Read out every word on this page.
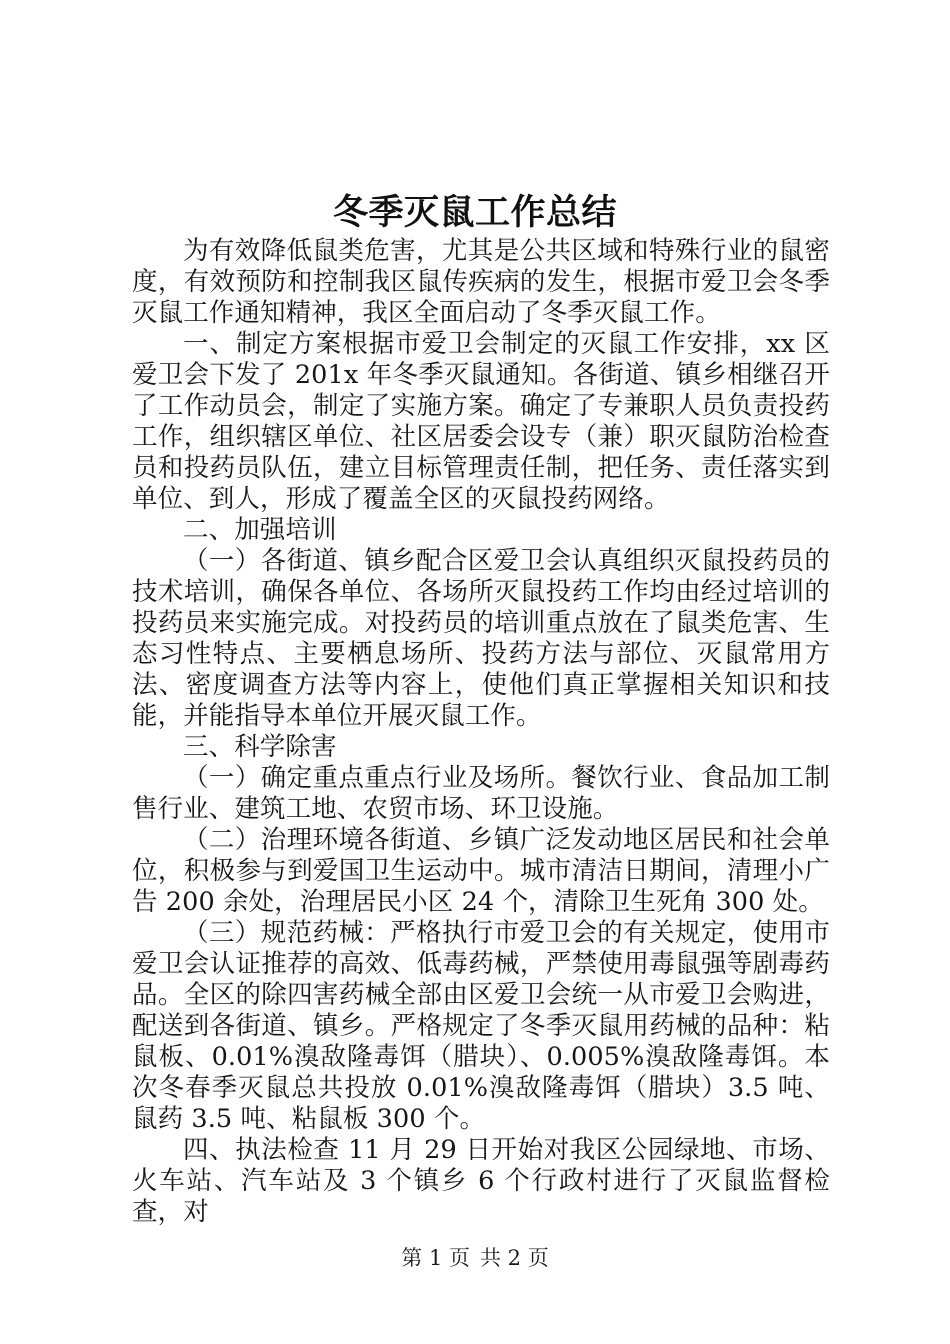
冬季灭鼠工作总结

为有效降低鼠类危害，尤其是公共区域和特殊行业的鼠密度，有效预防和控制我区鼠传疾病的发生，根据市爱卫会冬季灭鼠工作通知精神，我区全面启动了冬季灭鼠工作。

一、制定方案根据市爱卫会制定的灭鼠工作安排，xx 区爱卫会下发了 201x 年冬季灭鼠通知。各街道、镇乡相继召开了工作动员会，制定了实施方案。确定了专兼职人员负责投药工作，组织辖区单位、社区居委会设专（兼）职灭鼠防治检查员和投药员队伍，建立目标管理责任制，把任务、责任落实到单位、到人，形成了覆盖全区的灭鼠投药网络。

二、加强培训

（一）各街道、镇乡配合区爱卫会认真组织灭鼠投药员的技术培训，确保各单位、各场所灭鼠投药工作均由经过培训的投药员来实施完成。对投药员的培训重点放在了鼠类危害、生态习性特点、主要栖息场所、投药方法与部位、灭鼠常用方法、密度调查方法等内容上，使他们真正掌握相关知识和技能，并能指导本单位开展灭鼠工作。

三、科学除害

（一）确定重点重点行业及场所。餐饮行业、食品加工制售行业、建筑工地、农贸市场、环卫设施。

（二）治理环境各街道、乡镇广泛发动地区居民和社会单位，积极参与到爱国卫生运动中。城市清洁日期间，清理小广告 200 余处，治理居民小区 24 个，清除卫生死角 300 处。

（三）规范药械：严格执行市爱卫会的有关规定，使用市爱卫会认证推荐的高效、低毒药械，严禁使用毒鼠强等剧毒药品。全区的除四害药械全部由区爱卫会统一从市爱卫会购进，配送到各街道、镇乡。严格规定了冬季灭鼠用药械的品种：粘鼠板、0.01%溴敌隆毒饵（腊块）、0.005%溴敌隆毒饵。本次冬春季灭鼠总共投放 0.01%溴敌隆毒饵（腊块）3.5 吨、鼠药 3.5 吨、粘鼠板 300 个。

四、执法检查 11 月 29 日开始对我区公园绿地、市场、火车站、汽车站及 3 个镇乡 6 个行政村进行了灭鼠监督检查，对

第 1 页 共 2 页
